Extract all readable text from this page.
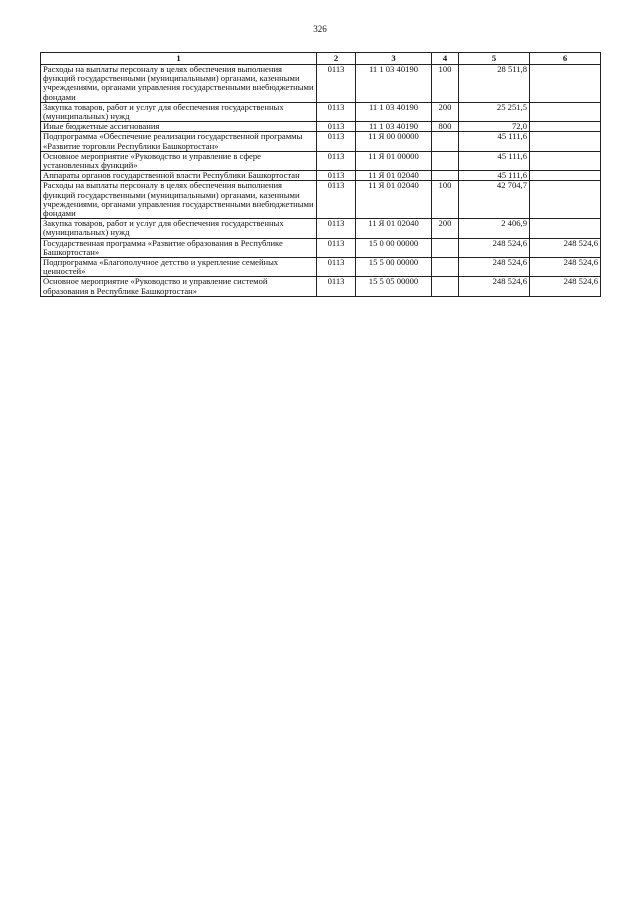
326
1	2	3	4	5	6
Расходы на выплаты персоналу в целях обеспечения выполнения функций государственными (муниципальными) органами, казенными учреждениями, органами управления государственными внебюджетными фондами	0113	11 1 03 40190	100	28 511,8	
Закупка товаров, работ и услуг для обеспечения государственных (муниципальных) нужд	0113	11 1 03 40190	200	25 251,5	
Иные бюджетные ассигнования	0113	11 1 03 40190	800	72,0	
Подпрограмма «Обеспечение реализации государственной программы «Развитие торговли Республики Башкортостан»	0113	11 Я 00 00000		45 111,6	
Основное мероприятие «Руководство и управление в сфере установленных функций»	0113	11 Я 01 00000		45 111,6	
Аппараты органов государственной власти Республики Башкортостан	0113	11 Я 01 02040		45 111,6	
Расходы на выплаты персоналу в целях обеспечения выполнения функций государственными (муниципальными) органами, казенными учреждениями, органами управления государственными внебюджетными фондами	0113	11 Я 01 02040	100	42 704,7	
Закупка товаров, работ и услуг для обеспечения государственных (муниципальных) нужд	0113	11 Я 01 02040	200	2 406,9	
Государственная программа «Развитие образования в Республике Башкортостан»	0113	15 0 00 00000		248 524,6	248 524,6
Подпрограмма «Благополучное детство и укрепление семейных ценностей»	0113	15 5 00 00000		248 524,6	248 524,6
Основное мероприятие «Руководство и управление системой образования в Республике Башкортостан»	0113	15 5 05 00000		248 524,6	248 524,6
